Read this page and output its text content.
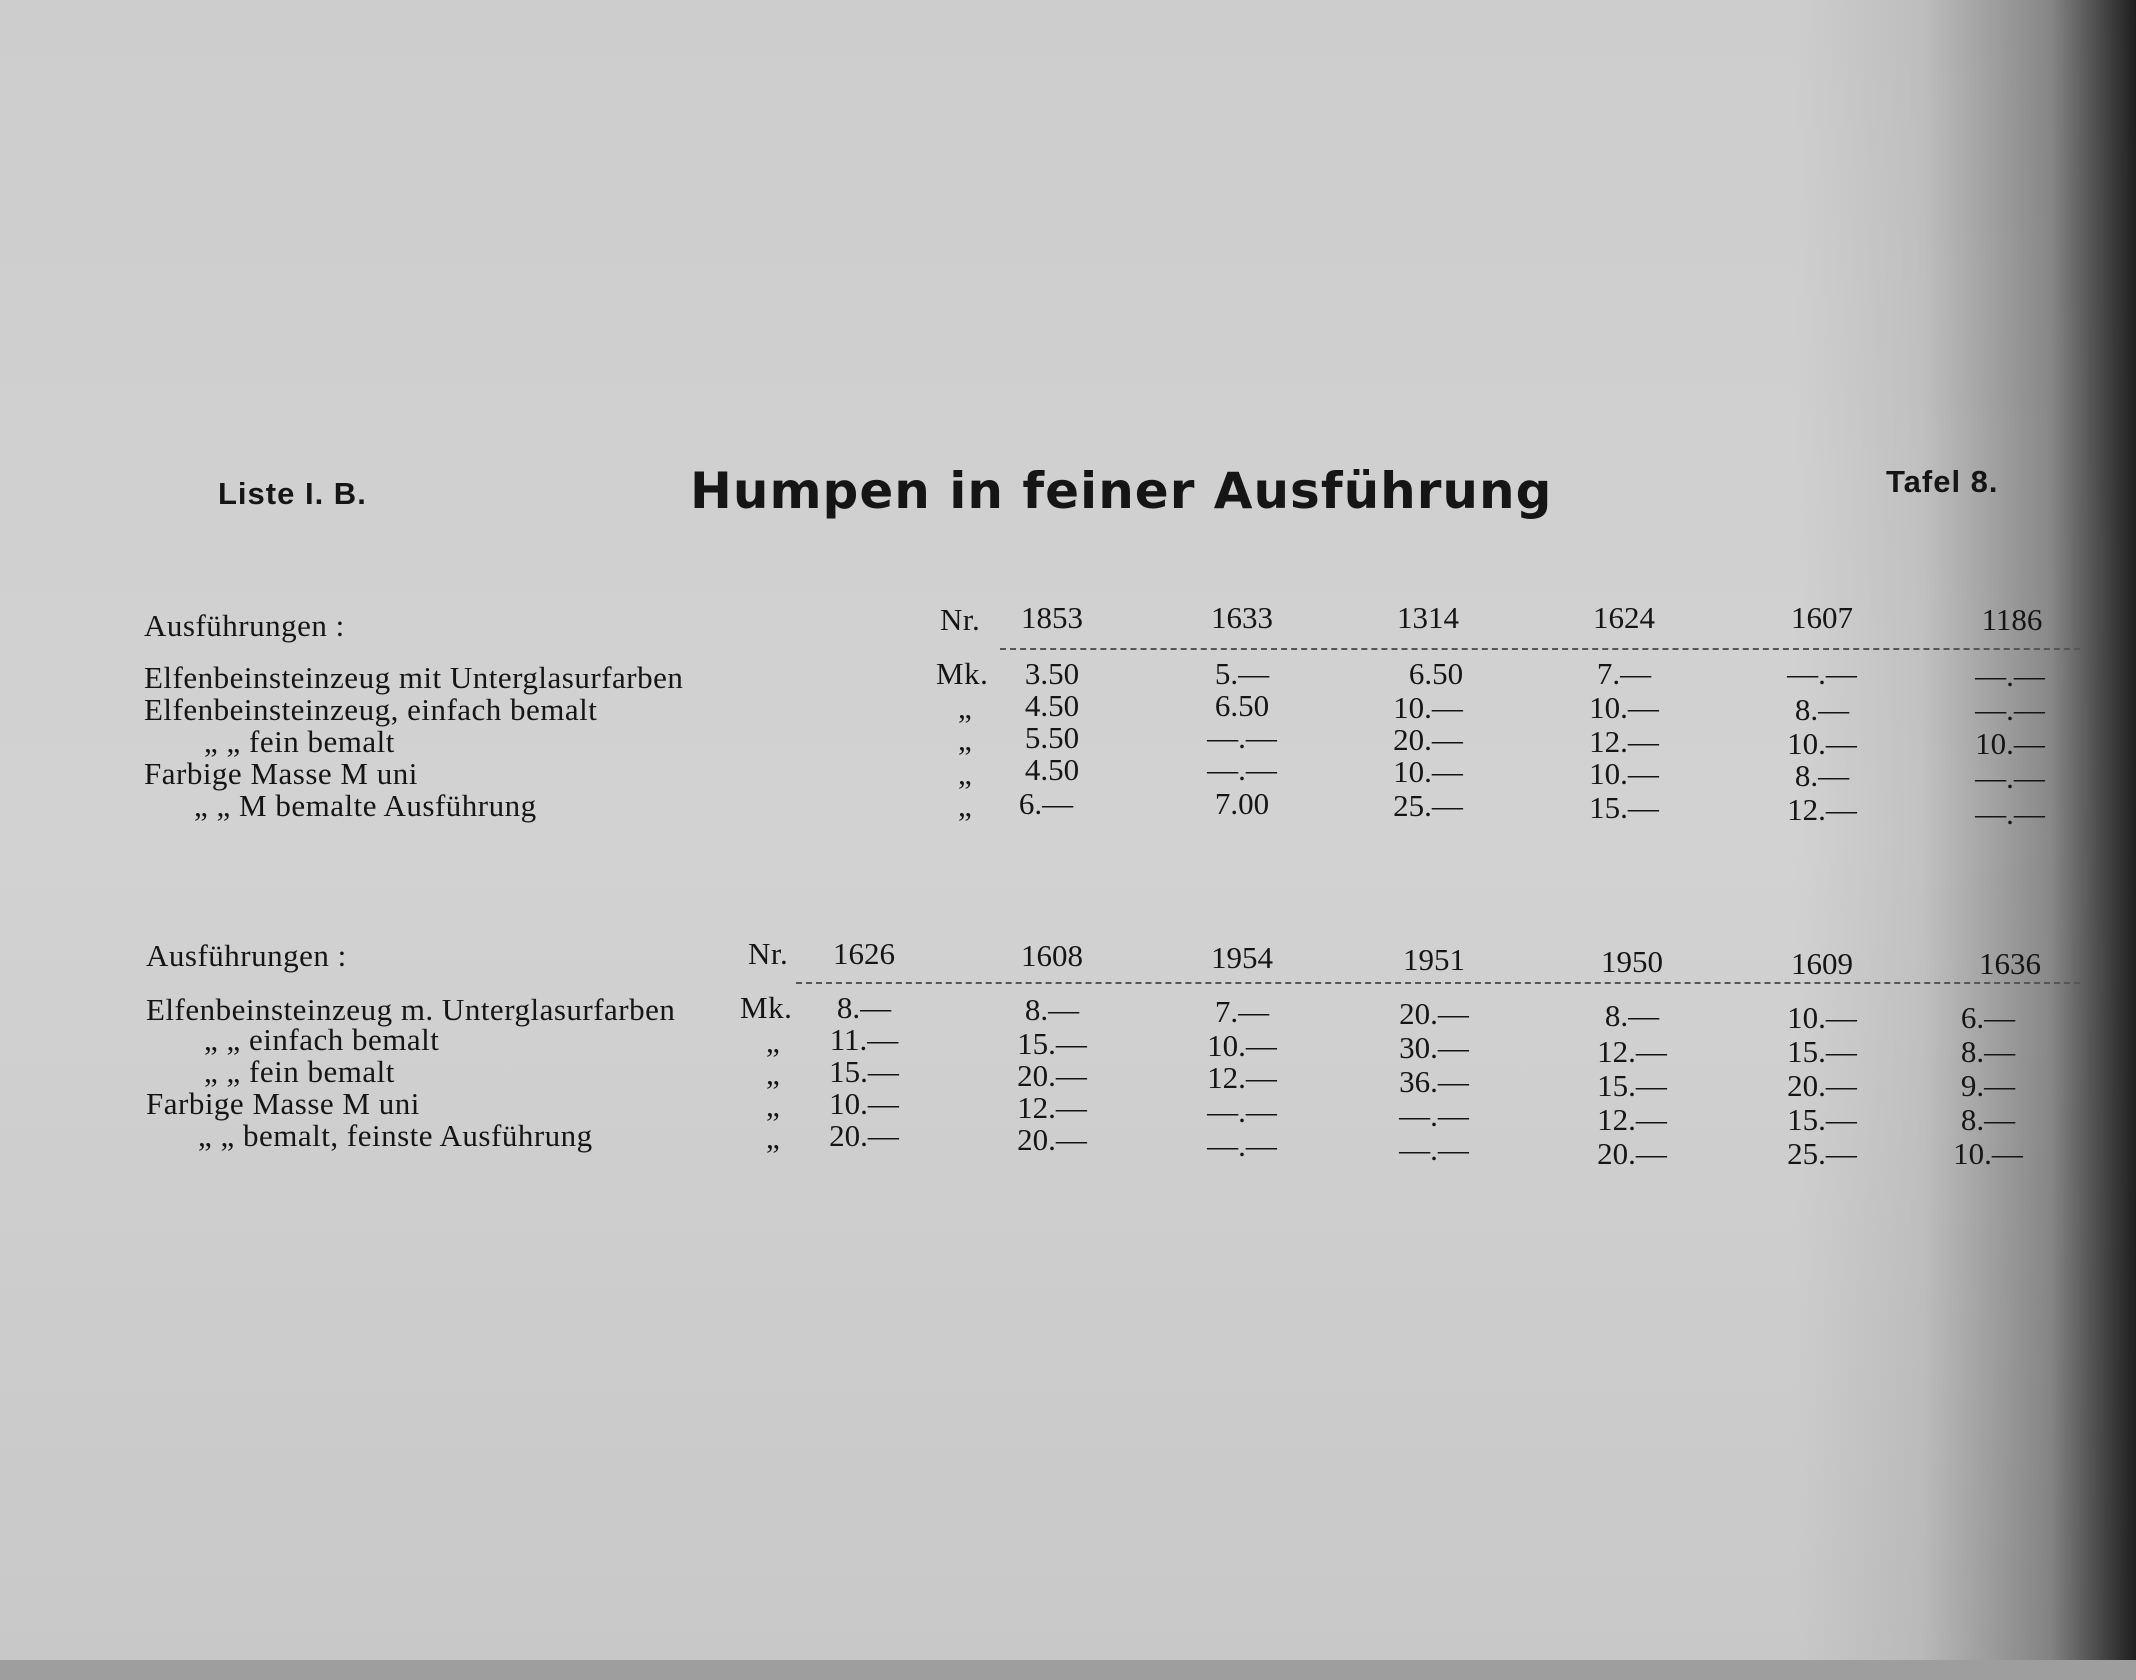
Liste I. B.	Humpen in feiner Ausführung	Tafel 8.
Ausführungen :	Nr.	1853	1633	1314	1624	1607	1186
Elfenbeinsteinzeug mit Unterglasurfarben	Mk.	3.50	5.—	6.50	7.—	—.—	—.—
Elfenbeinsteinzeug, einfach bemalt	„	4.50	6.50	10.—	10.—	8.—	—.—
„ „ fein bemalt	„	5.50	—.—	20.—	12.—	10.—	10.—
Farbige Masse M uni	„	4.50	—.—	10.—	10.—	8.—	—.—
„ „ M bemalte Ausführung	„	6.—	7.00	25.—	15.—	12.—	—.—
Ausführungen :	Nr.	1626	1608	1954	1951	1950	1609	1636
Elfenbeinsteinzeug m. Unterglasurfarben Mk.	8.—	8.—	7.—	20.—	8.—	10.—	6.—
„ „ einfach bemalt	„	11.—	15.—	10.—	30.—	12.—	15.—	8.—
„ „ fein bemalt	„	15.—	20.—	12.—	36.—	15.—	20.—	9.—
Farbige Masse M uni	„	10.—	12.—	—.—	—.—	12.—	15.—	8.—
„ „ bemalt, feinste Ausführung	„	20.—	20.—	—.—	—.—	20.—	25.—	10.—
